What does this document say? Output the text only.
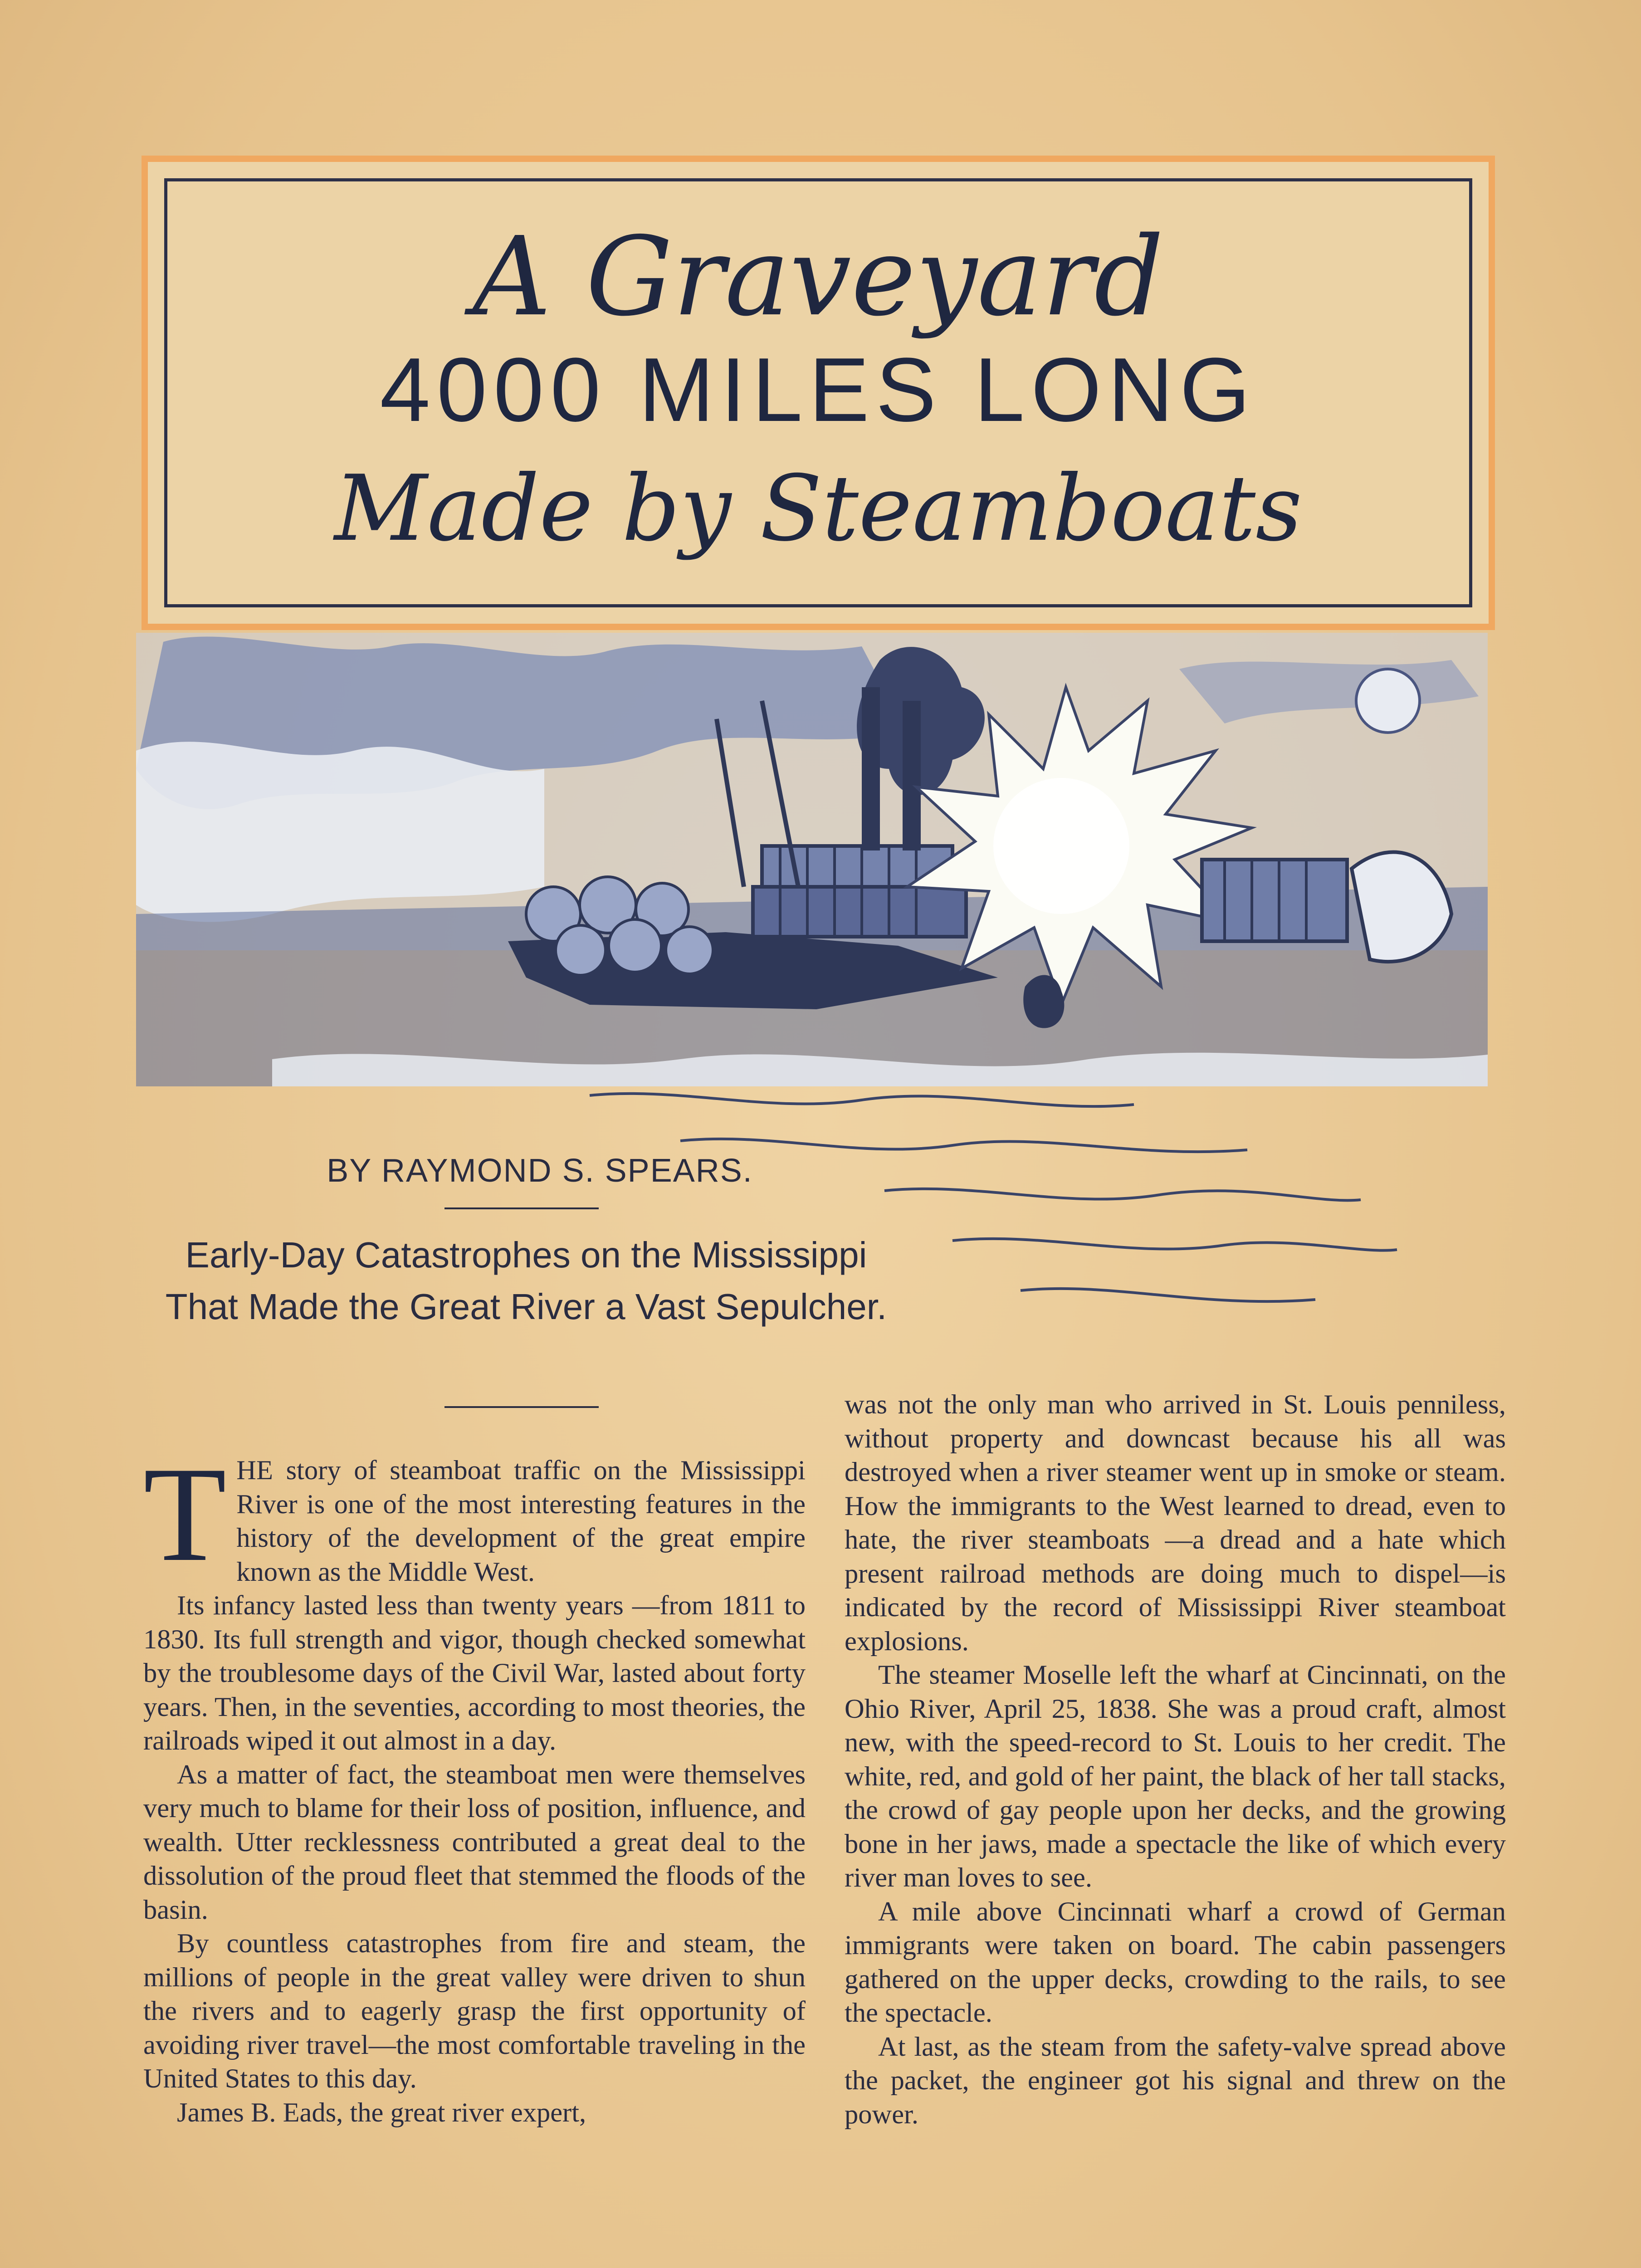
A Graveyard
4000 MILES LONG
Made by Steamboats
BY RAYMOND S. SPEARS.
Early-Day Catastrophes on the Mississippi That Made the Great River a Vast Sepulcher.

THE story of steamboat traffic on the Mississippi River is one of the most interesting features in the history of the development of the great empire known as the Middle West.

Its infancy lasted less than twenty years —from 1811 to 1830. Its full strength and vigor, though checked somewhat by the troublesome days of the Civil War, lasted about forty years. Then, in the seventies, according to most theories, the railroads wiped it out almost in a day.

As a matter of fact, the steamboat men were themselves very much to blame for their loss of position, influence, and wealth. Utter recklessness contributed a great deal to the dissolution of the proud fleet that stemmed the floods of the basin.

By countless catastrophes from fire and steam, the millions of people in the great valley were driven to shun the rivers and to eagerly grasp the first opportunity of avoiding river travel—the most comfortable traveling in the United States to this day.

James B. Eads, the great river expert,

was not the only man who arrived in St. Louis penniless, without property and downcast because his all was destroyed when a river steamer went up in smoke or steam. How the immigrants to the West learned to dread, even to hate, the river steamboats —a dread and a hate which present railroad methods are doing much to dispel—is indicated by the record of Mississippi River steamboat explosions.

The steamer Moselle left the wharf at Cincinnati, on the Ohio River, April 25, 1838. She was a proud craft, almost new, with the speed-record to St. Louis to her credit. The white, red, and gold of her paint, the black of her tall stacks, the crowd of gay people upon her decks, and the growing bone in her jaws, made a spectacle the like of which every river man loves to see.

A mile above Cincinnati wharf a crowd of German immigrants were taken on board. The cabin passengers gathered on the upper decks, crowding to the rails, to see the spectacle.

At last, as the steam from the safety-valve spread above the packet, the engineer got his signal and threw on the power.
